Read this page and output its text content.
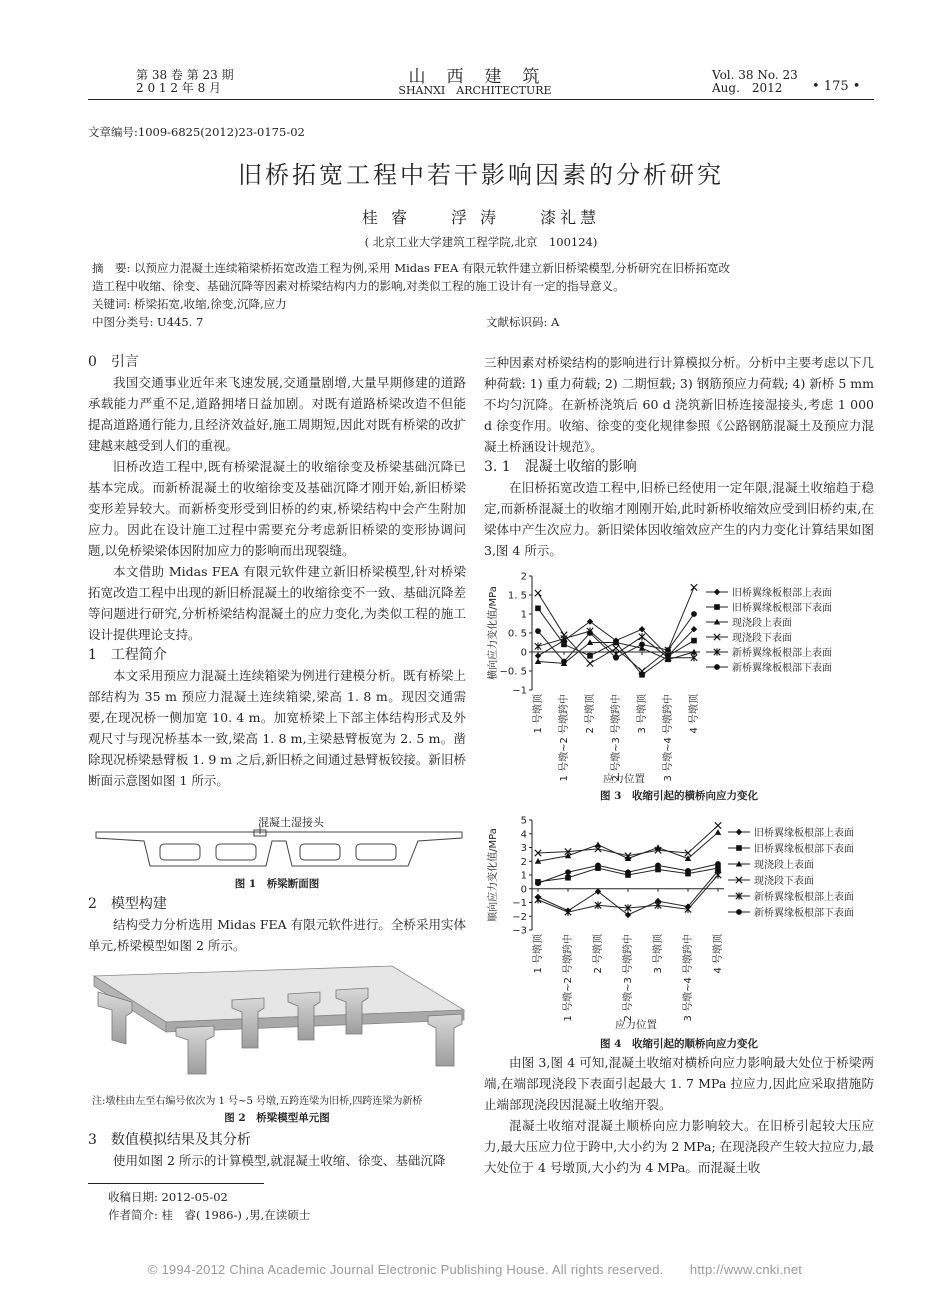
第 38 卷 第 23 期
2 0 1 2 年 8 月
山　西　建　筑
SHANXI　ARCHITECTURE
Vol. 38 No. 23
Aug.　2012 • 175 •
文章编号:1009-6825(2012)23-0175-02
旧桥拓宽工程中若干影响因素的分析研究
桂 睿　　浮 涛　　漆礼慧
( 北京工业大学建筑工程学院,北京　100124)
摘　要: 以预应力混凝土连续箱梁桥拓宽改造工程为例,采用 Midas FEA 有限元软件建立新旧桥梁模型,分析研究在旧桥拓宽改
造工程中收缩、徐变、基础沉降等因素对桥梁结构内力的影响,对类似工程的施工设计有一定的指导意义。
关键词: 桥梁拓宽,收缩,徐变,沉降,应力
中图分类号: U445. 7	文献标识码: A

0　引言

我国交通事业近年来飞速发展,交通量剧增,大量早期修建的道路承载能力严重不足,道路拥堵日益加剧。对既有道路桥梁改造不但能提高道路通行能力,且经济效益好,施工周期短,因此对既有桥梁的改扩建越来越受到人们的重视。

旧桥改造工程中,既有桥梁混凝土的收缩徐变及桥梁基础沉降已基本完成。而新桥混凝土的收缩徐变及基础沉降才刚开始,新旧桥梁变形差异较大。而新桥变形受到旧桥的约束,桥梁结构中会产生附加应力。因此在设计施工过程中需要充分考虑新旧桥梁的变形协调问题,以免桥梁梁体因附加应力的影响而出现裂缝。

本文借助 Midas FEA 有限元软件建立新旧桥梁模型,针对桥梁拓宽改造工程中出现的新旧桥混凝土的收缩徐变不一致、基础沉降差等问题进行研究,分析桥梁结构混凝土的应力变化,为类似工程的施工设计提供理论支持。

1　工程简介

本文采用预应力混凝土连续箱梁为例进行建模分析。既有桥梁上部结构为 35 m 预应力混凝土连续箱梁,梁高 1. 8 m。现因交通需要,在现况桥一侧加宽 10. 4 m。加宽桥梁上下部主体结构形式及外观尺寸与现况桥基本一致,梁高 1. 8 m,主梁悬臂板宽为 2. 5 m。凿除现况桥梁悬臂板 1. 9 m 之后,新旧桥之间通过悬臂板铰接。新旧桥断面示意图如图 1 所示。

混凝土湿接头
图 1　桥梁断面图

2　模型构建

结构受力分析选用 Midas FEA 有限元软件进行。全桥采用实体单元,桥梁模型如图 2 所示。

注:墩柱由左至右编号依次为 1 号~5 号墩,五跨连梁为旧桥,四跨连梁为新桥
图 2　桥梁模型单元图

3　数值模拟结果及其分析

使用如图 2 所示的计算模型,就混凝土收缩、徐变、基础沉降

收稿日期: 2012-05-02
作者简介: 桂　睿( 1986-) ,男,在读硕士

三种因素对桥梁结构的影响进行计算模拟分析。分析中主要考虑以下几种荷载: 1) 重力荷载; 2) 二期恒载; 3) 钢筋预应力荷载; 4) 新桥 5 mm 不均匀沉降。在新桥浇筑后 60 d 浇筑新旧桥连接湿接头,考虑 1 000 d 徐变作用。收缩、徐变的变化规律参照《公路钢筋混凝土及预应力混凝土桥涵设计规范》。

3. 1　混凝土收缩的影响

在旧桥拓宽改造工程中,旧桥已经使用一定年限,混凝土收缩趋于稳定,而新桥混凝土的收缩才刚刚开始,此时新桥收缩效应受到旧桥约束,在梁体中产生次应力。新旧梁体因收缩效应产生的内力变化计算结果如图 3,图 4 所示。

−1
−0. 5
0
0. 5
1
1. 5
2
1 号墩顶 1 号墩~2 号墩跨中 2 号墩顶 2 号墩~3 号墩跨中 3 号墩顶 3 号墩~4 号墩跨中 4 号墩顶
横向应力变化值/MPa
应力位置
旧桥翼缘板根部上表面
旧桥翼缘板根部下表面
现浇段上表面
现浇段下表面
新桥翼缘板根部上表面
新桥翼缘板根部下表面
图 3　收缩引起的横桥向应力变化
−3
−2
−1
0
1
2
3
4
5
1 号墩顶 1 号墩~2 号墩跨中 2 号墩顶 2 号墩~3 号墩跨中 3 号墩顶 3 号墩~4 号墩跨中 4 号墩顶
顺向应力变化值/MPa
应力位置
旧桥翼缘板根部上表面
旧桥翼缘板根部下表面
现浇段上表面
现浇段下表面
新桥翼缘板根部上表面
新桥翼缘板根部下表面
图 4　收缩引起的顺桥向应力变化

由图 3,图 4 可知,混凝土收缩对横桥向应力影响最大处位于桥梁两端,在端部现浇段下表面引起最大 1. 7 MPa 拉应力,因此应采取措施防止端部现浇段因混凝土收缩开裂。

混凝土收缩对混凝土顺桥向应力影响较大。在旧桥引起较大压应力,最大压应力位于跨中,大小约为 2 MPa; 在现浇段产生较大拉应力,最大处位于 4 号墩顶,大小约为 4 MPa。而混凝土收

© 1994-2012 China Academic Journal Electronic Publishing House. All rights reserved.　　http://www.cnki.net
